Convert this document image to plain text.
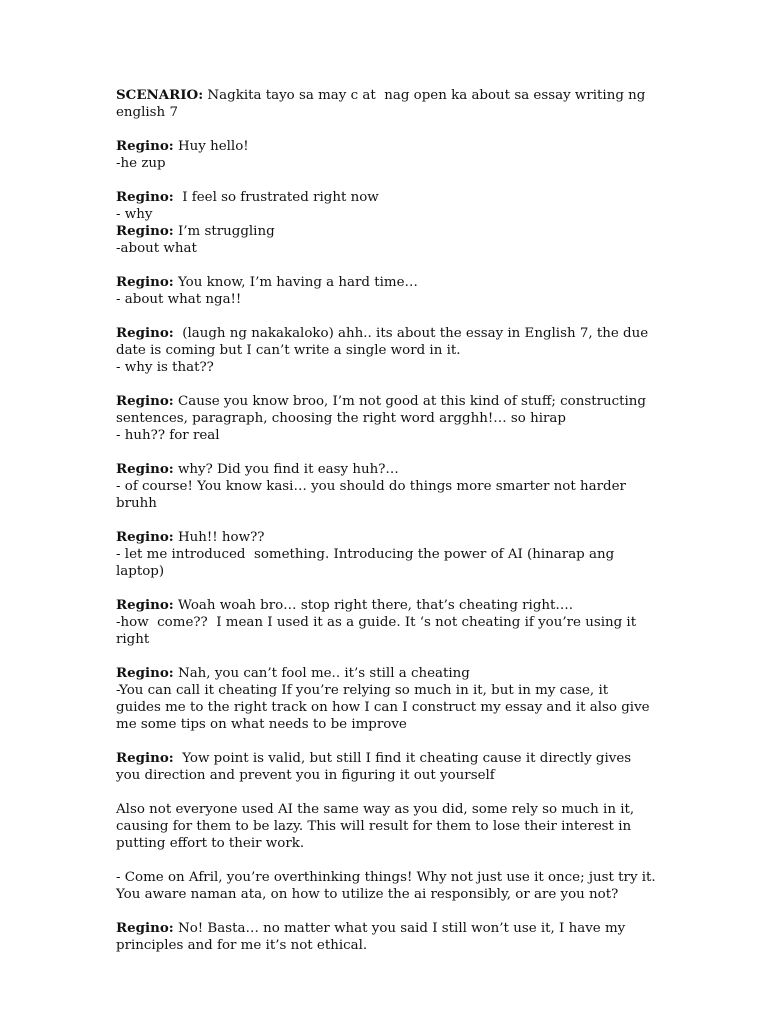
SCENARIO: Nagkita tayo sa may c at  nag open ka about sa essay writing ng english 7
Regino: Huy hello!
-he zup
Regino:  I feel so frustrated right now
- why
Regino: I’m struggling
-about what
Regino: You know, I’m having a hard time…
- about what nga!!
Regino:  (laugh ng nakakaloko) ahh.. its about the essay in English 7, the due date is coming but I can’t write a single word in it.
- why is that??
Regino: Cause you know broo, I’m not good at this kind of stuff; constructing sentences, paragraph, choosing the right word argghh!… so hirap
- huh?? for real
Regino: why? Did you find it easy huh?…
- of course! You know kasi… you should do things more smarter not harder bruhh
Regino: Huh!! how??
- let me introduced  something. Introducing the power of AI (hinarap ang laptop)
Regino: Woah woah bro… stop right there, that’s cheating right….
-how  come??  I mean I used it as a guide. It ‘s not cheating if you’re using it right
Regino: Nah, you can’t fool me.. it’s still a cheating
-You can call it cheating If you’re relying so much in it, but in my case, it guides me to the right track on how I can I construct my essay and it also give me some tips on what needs to be improve
Regino:  Yow point is valid, but still I find it cheating cause it directly gives you direction and prevent you in figuring it out yourself
Also not everyone used AI the same way as you did, some rely so much in it, causing for them to be lazy. This will result for them to lose their interest in putting effort to their work.
- Come on Afril, you’re overthinking things! Why not just use it once; just try it. You aware naman ata, on how to utilize the ai responsibly, or are you not?
Regino: No! Basta… no matter what you said I still won’t use it, I have my principles and for me it’s not ethical.
